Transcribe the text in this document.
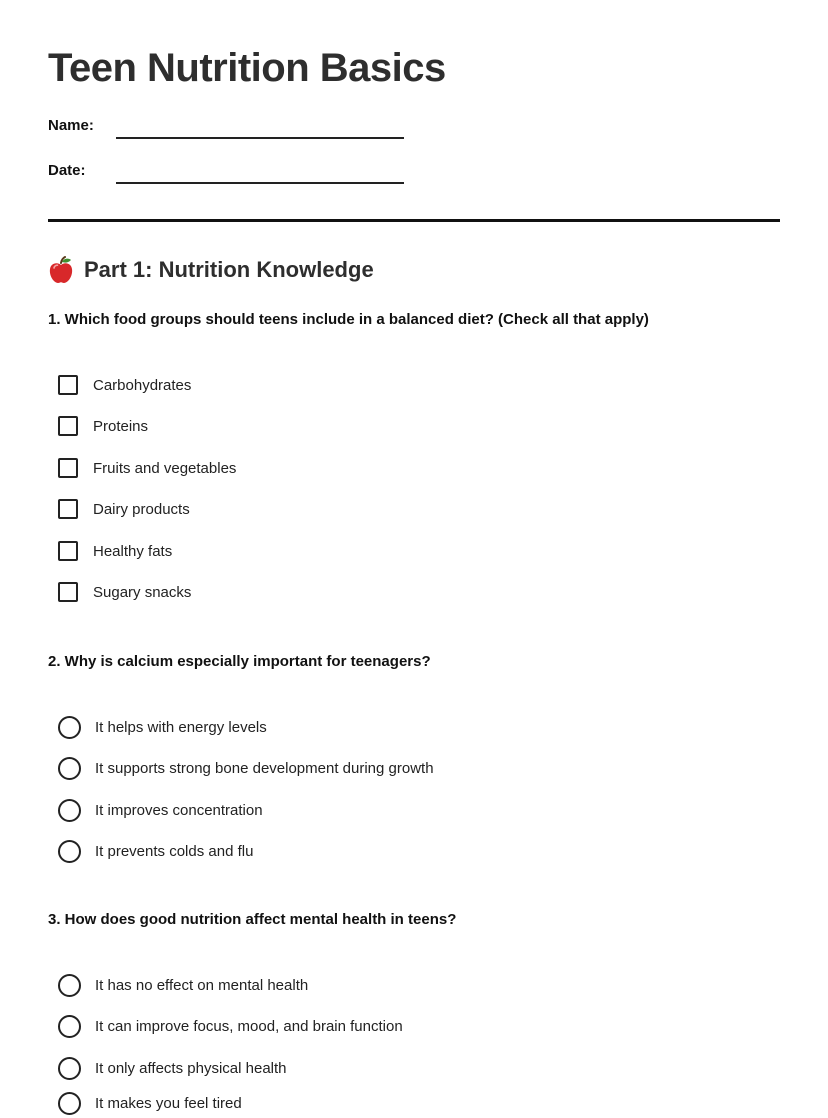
Teen Nutrition Basics
Name:
Date:
Part 1: Nutrition Knowledge

1. Which food groups should teens include in a balanced diet? (Check all that apply)

Carbohydrates
Proteins
Fruits and vegetables
Dairy products
Healthy fats
Sugary snacks

2. Why is calcium especially important for teenagers?

It helps with energy levels
It supports strong bone development during growth
It improves concentration
It prevents colds and flu

3. How does good nutrition affect mental health in teens?

It has no effect on mental health
It can improve focus, mood, and brain function
It only affects physical health
It makes you feel tired
